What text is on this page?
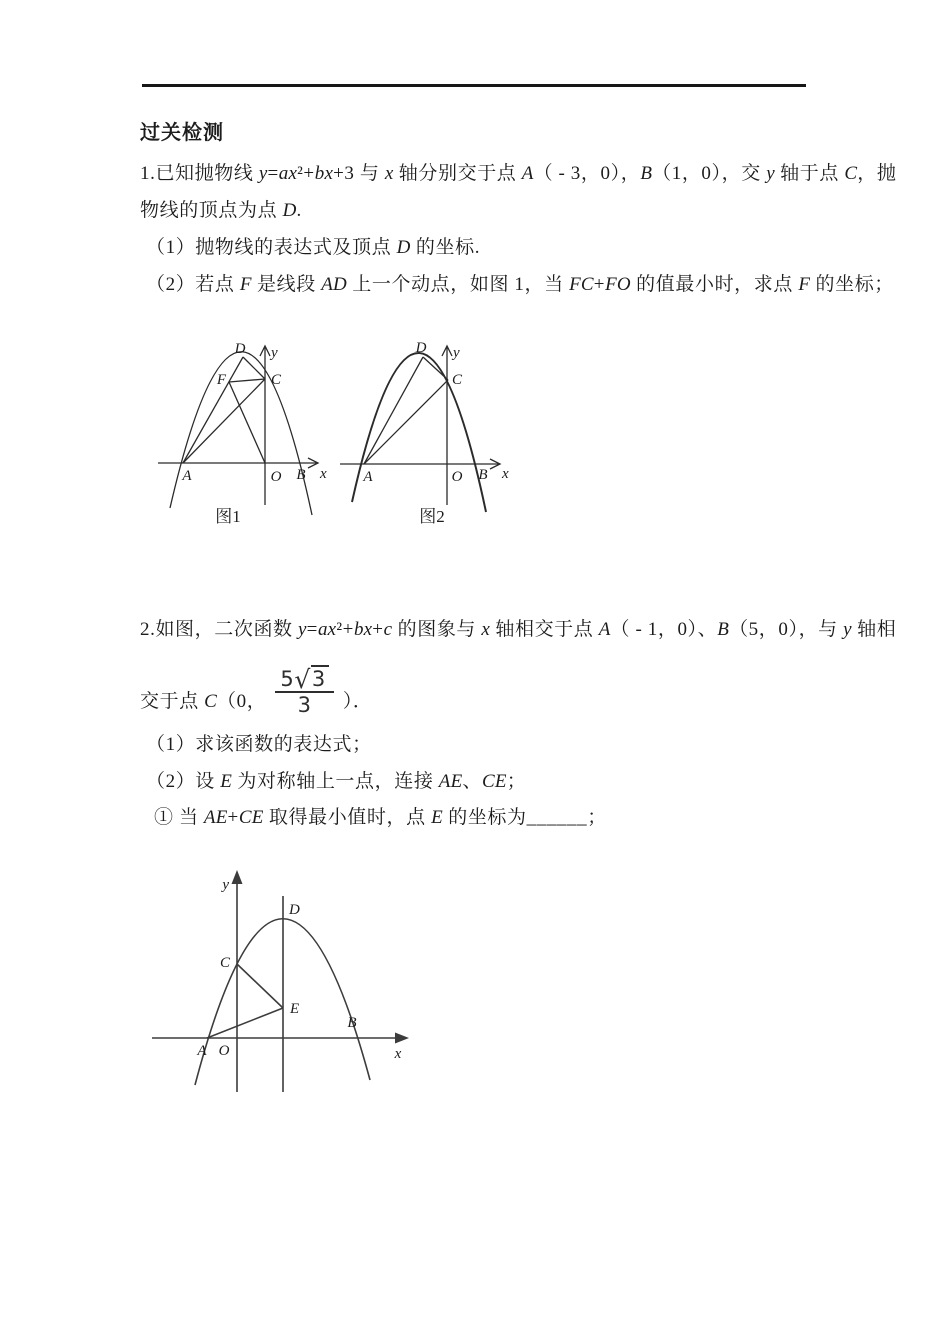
过关检测
1.已知抛物线 y=ax²+bx+3 与 x 轴分别交于点 A（ - 3，0），B（1，0），交 y 轴于点 C，抛
物线的顶点为点 D.
（1）抛物线的表达式及顶点 D 的坐标.
（2）若点 F 是线段 AD 上一个动点，如图 1，当 FC+FO 的值最小时，求点 F 的坐标；
D y
C
F
A	O B x
图1
D y
C
A	O B x
图2
2.如图，二次函数 y=ax²+bx+c 的图象与 x 轴相交于点 A（ - 1，0）、B（5，0），与 y 轴相
交于点 C（0， $\frac{5 √ 3}{3}$ ）．
（1）求该函数的表达式；
（2）设 E 为对称轴上一点，连接 AE、CE；
① 当 AE+CE 取得最小值时，点 E 的坐标为______；
y
D
C
E
A O
B
x
